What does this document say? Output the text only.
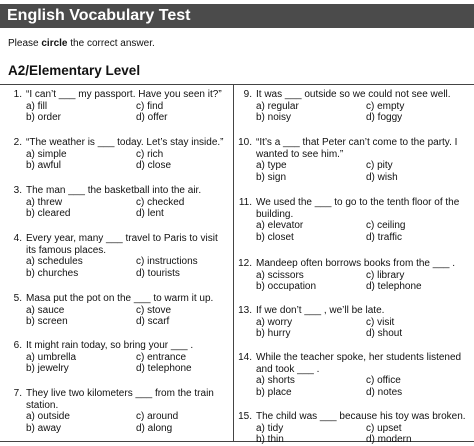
English Vocabulary Test
Please circle the correct answer.
A2/Elementary Level
1. “I can’t ___ my passport. Have you seen it?”
a) fill	c) find
b) order	d) offer
2. “The weather is ___ today. Let’s stay inside.”
a) simple	c) rich
b) awful	d) close
3. The man ___ the basketball into the air.
a) threw	c) checked
b) cleared	d) lent
4. Every year, many ___ travel to Paris to visit its famous places.
a) schedules	c) instructions
b) churches	d) tourists
5. Masa put the pot on the ___ to warm it up.
a) sauce	c) stove
b) screen	d) scarf
6. It might rain today, so bring your ___ .
a) umbrella	c) entrance
b) jewelry	d) telephone
7. They live two kilometers ___ from the train station.
a) outside	c) around
b) away	d) along
9. It was ___ outside so we could not see well.
a) regular	c) empty
b) noisy	d) foggy
10. “It’s a ___ that Peter can’t come to the party. I wanted to see him.”
a) type	c) pity
b) sign	d) wish
11. We used the ___ to go to the tenth floor of the building.
a) elevator	c) ceiling
b) closet	d) traffic
12. Mandeep often borrows books from the ___ .
a) scissors	c) library
b) occupation	d) telephone
13. If we don’t ___ , we’ll be late.
a) worry	c) visit
b) hurry	d) shout
14. While the teacher spoke, her students listened and took ___ .
a) shorts	c) office
b) place	d) notes
15. The child was ___ because his toy was broken.
a) tidy	c) upset
b) thin	d) modern
